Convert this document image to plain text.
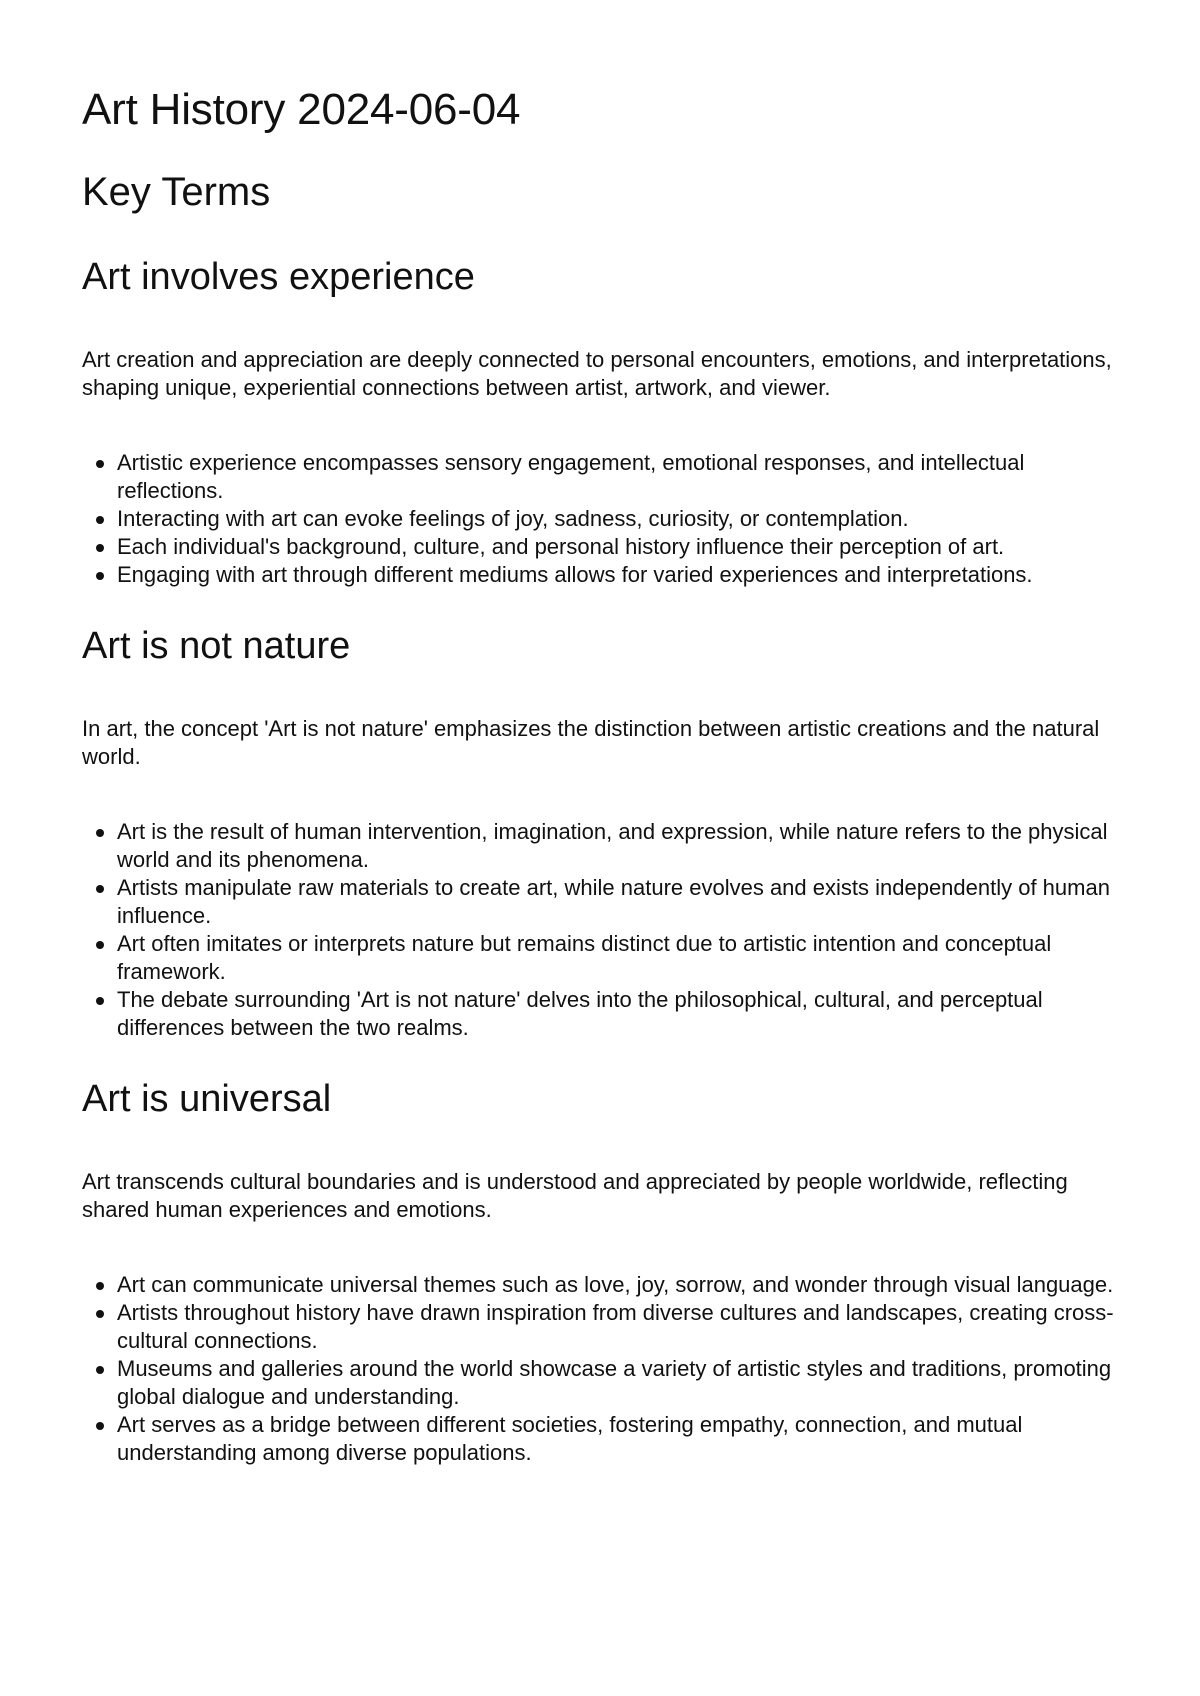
Art History 2024-06-04
Key Terms
Art involves experience

Art creation and appreciation are deeply connected to personal encounters, emotions, and interpretations, shaping unique, experiential connections between artist, artwork, and viewer.

Artistic experience encompasses sensory engagement, emotional responses, and intellectual reflections.
Interacting with art can evoke feelings of joy, sadness, curiosity, or contemplation.
Each individual's background, culture, and personal history influence their perception of art.
Engaging with art through different mediums allows for varied experiences and interpretations.
Art is not nature

In art, the concept 'Art is not nature' emphasizes the distinction between artistic creations and the natural world.

Art is the result of human intervention, imagination, and expression, while nature refers to the physical world and its phenomena.
Artists manipulate raw materials to create art, while nature evolves and exists independently of human influence.
Art often imitates or interprets nature but remains distinct due to artistic intention and conceptual framework.
The debate surrounding 'Art is not nature' delves into the philosophical, cultural, and perceptual differences between the two realms.
Art is universal

Art transcends cultural boundaries and is understood and appreciated by people worldwide, reflecting shared human experiences and emotions.

Art can communicate universal themes such as love, joy, sorrow, and wonder through visual language.
Artists throughout history have drawn inspiration from diverse cultures and landscapes, creating cross-cultural connections.
Museums and galleries around the world showcase a variety of artistic styles and traditions, promoting global dialogue and understanding.
Art serves as a bridge between different societies, fostering empathy, connection, and mutual understanding among diverse populations.
